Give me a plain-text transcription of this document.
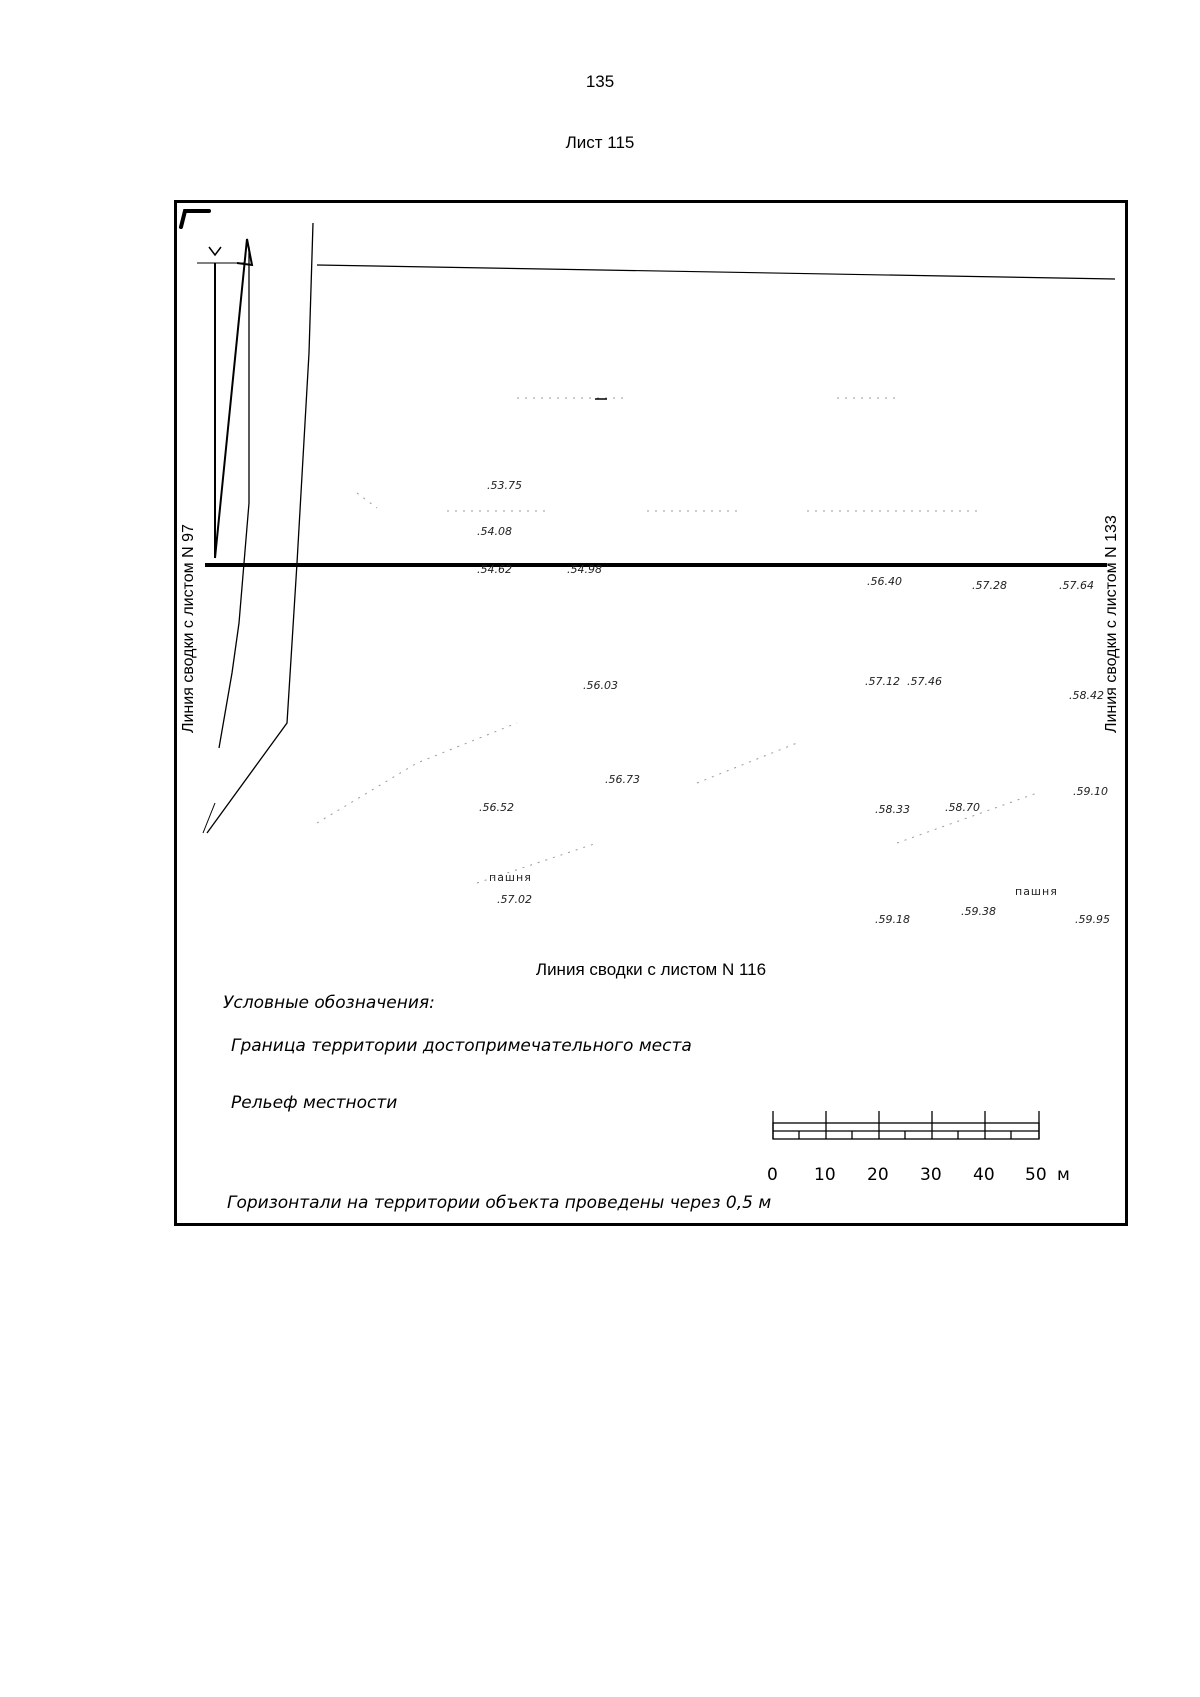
135
Лист 115
Линия сводки с листом N 97	Линия сводки с листом N 133
Линия сводки с листом N 116
.53.75
.54.08
.54.62	.54.98
.56.40	.57.28	.57.64
.56.03	.57.12 .57.46
.58.42
.56.73
.56.52	.58.33	.58.70
.59.10
.57.02
.59.18
.59.38
.59.95
пашня
пашня
Условные обозначения:
Граница территории достопримечательного места
Рельеф местности
Горизонтали на территории объекта проведены через 0,5 м
0 10 20 30 40 50 м
